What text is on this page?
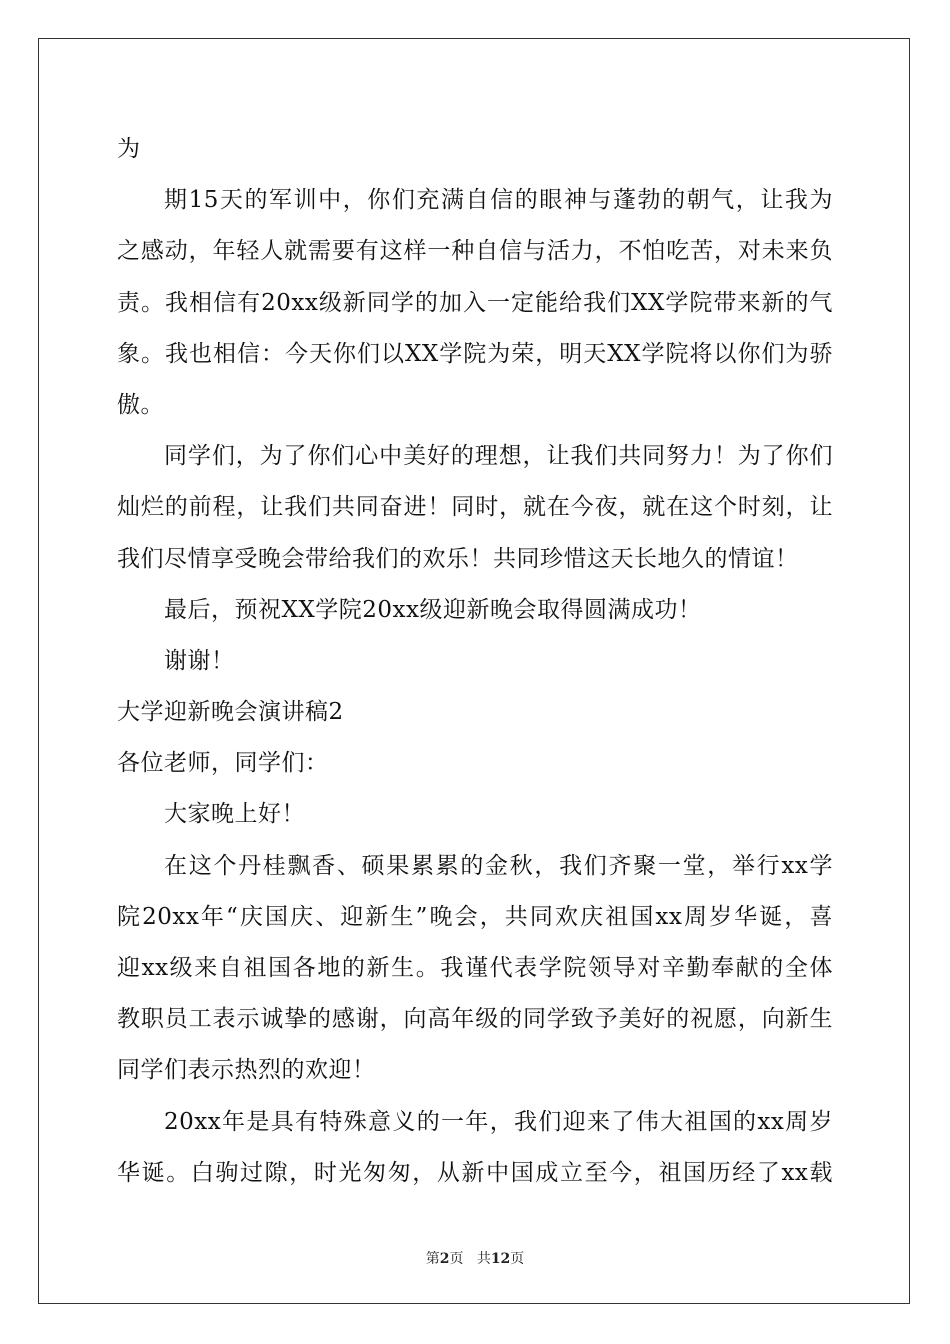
为
期15天的军训中，你们充满自信的眼神与蓬勃的朝气，让我为
之感动，年轻人就需要有这样一种自信与活力，不怕吃苦，对未来负
责。我相信有20xx级新同学的加入一定能给我们XX学院带来新的气
象。我也相信：今天你们以XX学院为荣，明天XX学院将以你们为骄
傲。
同学们，为了你们心中美好的理想，让我们共同努力！为了你们
灿烂的前程，让我们共同奋进！同时，就在今夜，就在这个时刻，让
我们尽情享受晚会带给我们的欢乐！共同珍惜这天长地久的情谊！
最后，预祝XX学院20xx级迎新晚会取得圆满成功！
谢谢！
大学迎新晚会演讲稿2
各位老师，同学们：
大家晚上好！
在这个丹桂飘香、硕果累累的金秋，我们齐聚一堂，举行xx学
院20xx年“庆国庆、迎新生”晚会，共同欢庆祖国xx周岁华诞，喜
迎xx级来自祖国各地的新生。我谨代表学院领导对辛勤奉献的全体
教职员工表示诚挚的感谢，向高年级的同学致予美好的祝愿，向新生
同学们表示热烈的欢迎！
20xx年是具有特殊意义的一年，我们迎来了伟大祖国的xx周岁
华诞。白驹过隙，时光匆匆，从新中国成立至今，祖国历经了xx载
第2页 共12页
